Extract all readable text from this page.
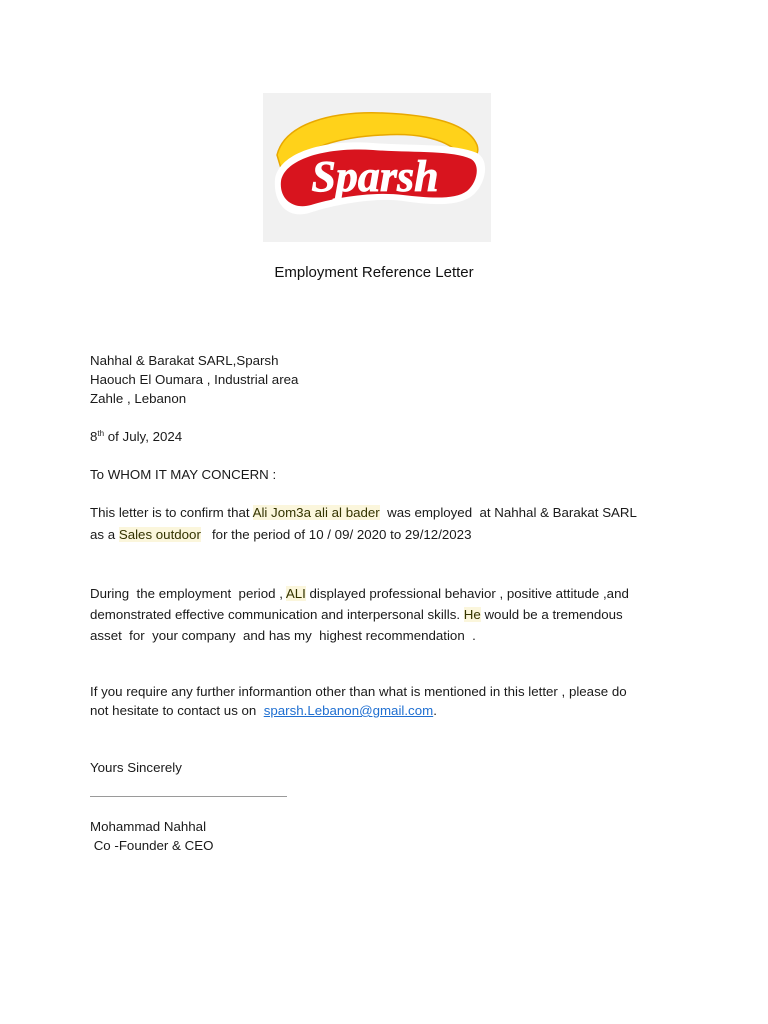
Sparsh
Employment Reference Letter
Nahhal & Barakat SARL,Sparsh
Haouch El Oumara , Industrial area
Zahle , Lebanon
8th of July, 2024
To WHOM IT MAY CONCERN :
This letter is to confirm that Ali Jom3a ali al bader  was employed  at Nahhal & Barakat SARL
as a Sales outdoor   for the period of 10 / 09/ 2020 to 29/12/2023
During  the employment  period , ALI displayed professional behavior , positive attitude ,and
demonstrated effective communication and interpersonal skills. He would be a tremendous
asset  for  your company  and has my  highest recommendation  .
If you require any further informantion other than what is mentioned in this letter , please do
not hesitate to contact us on  sparsh.Lebanon@gmail.com.
Yours Sincerely
Mohammad Nahhal
Co -Founder & CEO
